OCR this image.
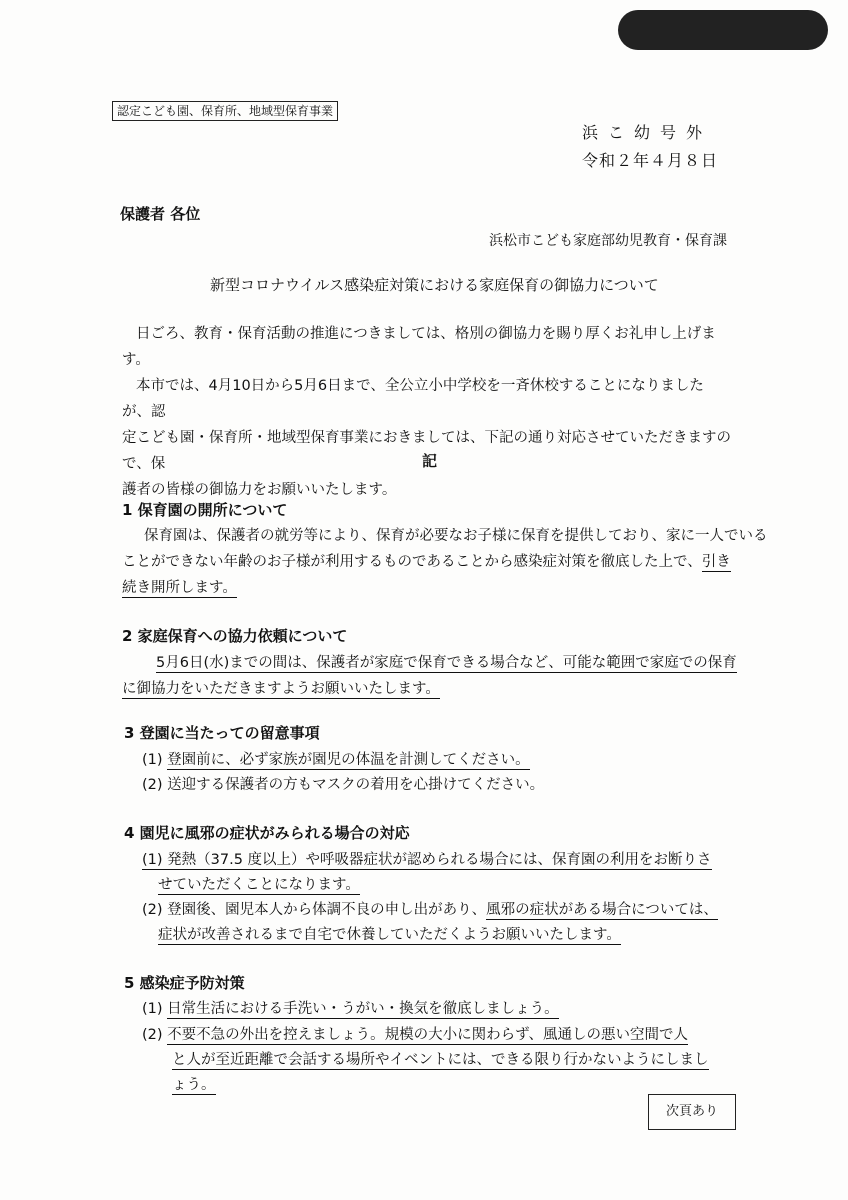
認定こども園、保育所、地域型保育事業
浜こ幼号外
令和２年４月８日
保護者 各位
浜松市こども家庭部幼児教育・保育課
新型コロナウイルス感染症対策における家庭保育の御協力について

日ごろ、教育・保育活動の推進につきましては、格別の御協力を賜り厚くお礼申し上げます。

本市では、4月10日から5月6日まで、全公立小中学校を一斉休校することになりましたが、認

定こども園・保育所・地域型保育事業におきましては、下記の通り対応させていただきますので、保

護者の皆様の御協力をお願いいたします。

記
1 保育園の開所について
保育園は、保護者の就労等により、保育が必要なお子様に保育を提供しており、家に一人でいる
ことができない年齢のお子様が利用するものであることから感染症対策を徹底した上で、引き
続き開所します。
2 家庭保育への協力依頼について
5月6日(水)までの間は、保護者が家庭で保育できる場合など、可能な範囲で家庭での保育
に御協力をいただきますようお願いいたします。
3 登園に当たっての留意事項
(1) 登園前に、必ず家族が園児の体温を計測してください。
(2) 送迎する保護者の方もマスクの着用を心掛けてください。
4 園児に風邪の症状がみられる場合の対応
(1) 発熱（37.5 度以上）や呼吸器症状が認められる場合には、保育園の利用をお断りさ
せていただくことになります。
(2) 登園後、園児本人から体調不良の申し出があり、風邪の症状がある場合については、
症状が改善されるまで自宅で休養していただくようお願いいたします。
5 感染症予防対策
(1) 日常生活における手洗い・うがい・換気を徹底しましょう。
(2) 不要不急の外出を控えましょう。規模の大小に関わらず、風通しの悪い空間で人
と人が至近距離で会話する場所やイベントには、できる限り行かないようにしまし
ょう。
次頁あり
